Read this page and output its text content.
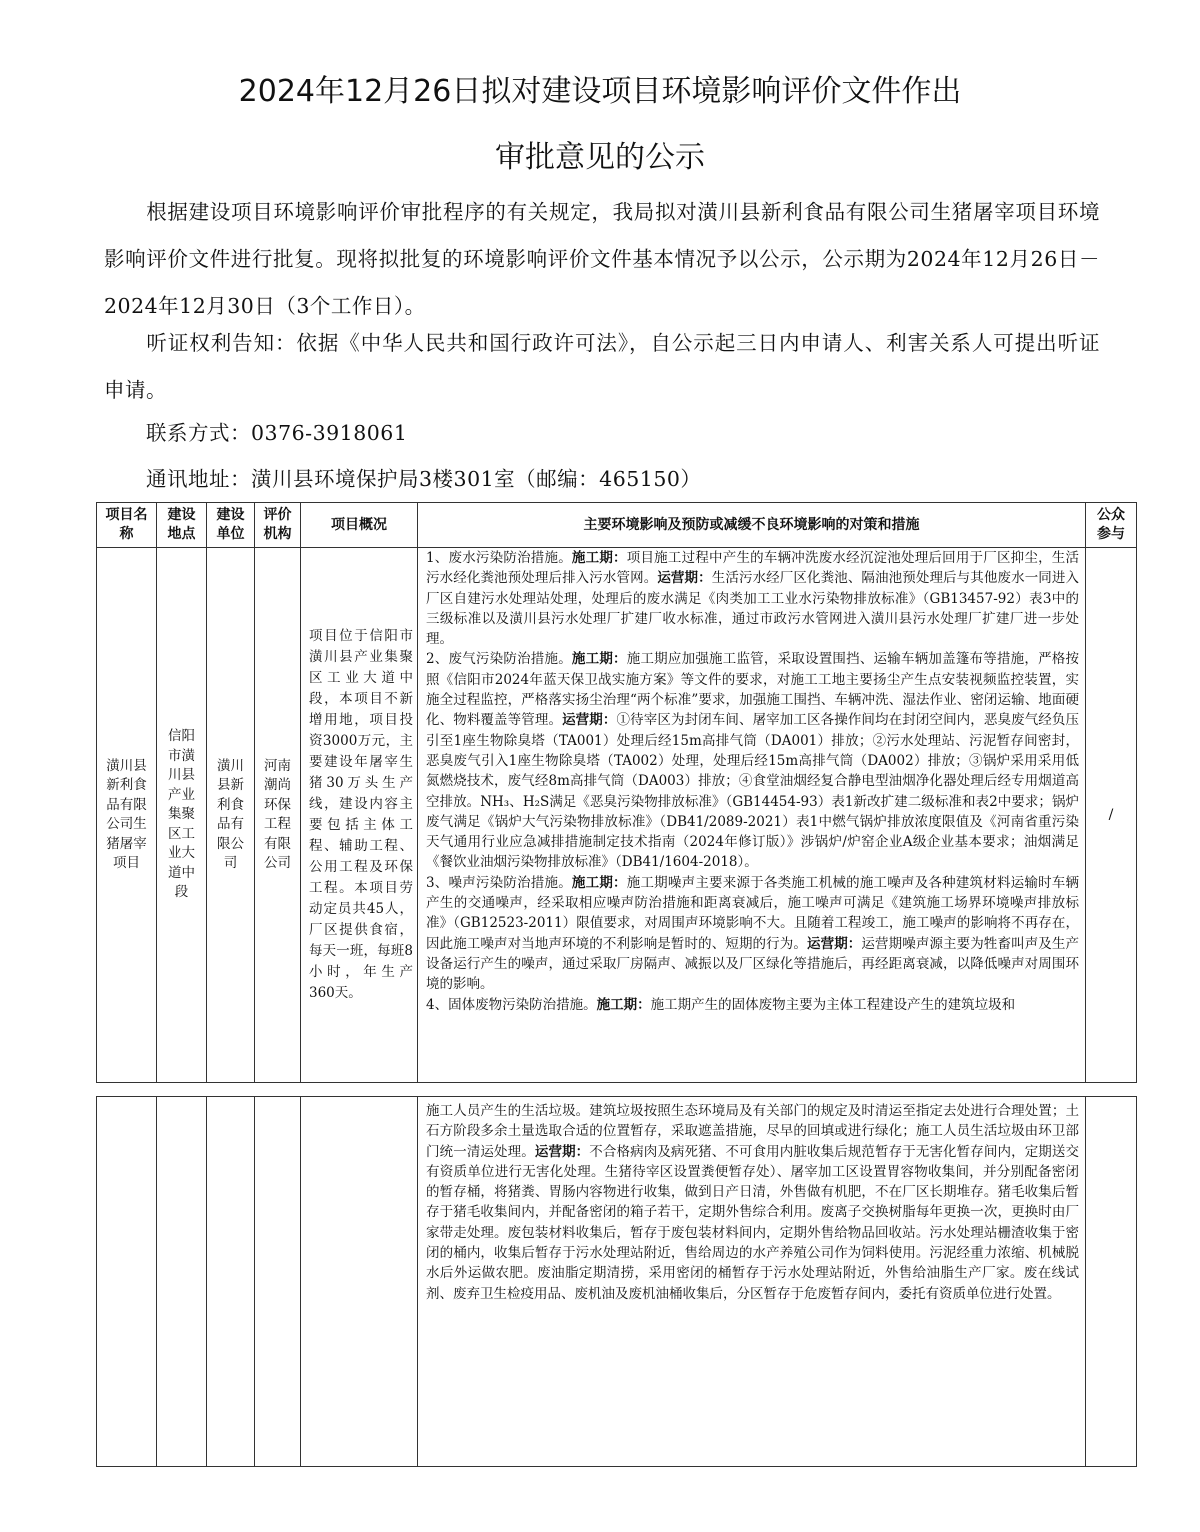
2024年12月26日拟对建设项目环境影响评价文件作出
审批意见的公示
根据建设项目环境影响评价审批程序的有关规定，我局拟对潢川县新利食品有限公司生猪屠宰项目环境影响评价文件进行批复。现将拟批复的环境影响评价文件基本情况予以公示，公示期为2024年12月26日－2024年12月30日（3个工作日）。
听证权利告知：依据《中华人民共和国行政许可法》，自公示起三日内申请人、利害关系人可提出听证申请。
联系方式：0376-3918061
通讯地址：潢川县环境保护局3楼301室（邮编：465150）
项目名称	建设地点	建设单位	评价机构	项目概况	主要环境影响及预防或减缓不良环境影响的对策和措施	公众参与
潢川县新利食品有限公司生猪屠宰项目	信阳市潢川县产业集聚区工业大道中段	潢川县新利食品有限公司	河南潮尚环保工程有限公司	项目位于信阳市潢川县产业集聚区工业大道中段，本项目不新增用地，项目投资3000万元，主要建设年屠宰生猪30万头生产线，建设内容主要包括主体工程、辅助工程、公用工程及环保工程。本项目劳动定员共45人，厂区提供食宿，每天一班，每班8小时，年生产360天。	1、废水污染防治措施。施工期：项目施工过程中产生的车辆冲洗废水经沉淀池处理后回用于厂区抑尘，生活污水经化粪池预处理后排入污水管网。运营期：生活污水经厂区化粪池、隔油池预处理后与其他废水一同进入厂区自建污水处理站处理，处理后的废水满足《肉类加工工业水污染物排放标准》（GB13457-92）表3中的三级标准以及潢川县污水处理厂扩建厂收水标准，通过市政污水管网进入潢川县污水处理厂扩建厂进一步处理。

2、废气污染防治措施。施工期：施工期应加强施工监管，采取设置围挡、运输车辆加盖篷布等措施，严格按照《信阳市2024年蓝天保卫战实施方案》等文件的要求，对施工工地主要扬尘产生点安装视频监控装置，实施全过程监控，严格落实扬尘治理“两个标准”要求，加强施工围挡、车辆冲洗、湿法作业、密闭运输、地面硬化、物料覆盖等管理。运营期：①待宰区为封闭车间、屠宰加工区各操作间均在封闭空间内，恶臭废气经负压引至1座生物除臭塔（TA001）处理后经15m高排气筒（DA001）排放；②污水处理站、污泥暂存间密封，恶臭废气引入1座生物除臭塔（TA002）处理，处理后经15m高排气筒（DA002）排放；③锅炉采用采用低氮燃烧技术，废气经8m高排气筒（DA003）排放；④食堂油烟经复合静电型油烟净化器处理后经专用烟道高空排放。NH₃、H₂S满足《恶臭污染物排放标准》（GB14454-93）表1新改扩建二级标准和表2中要求；锅炉废气满足《锅炉大气污染物排放标准》（DB41/2089-2021）表1中燃气锅炉排放浓度限值及《河南省重污染天气通用行业应急减排措施制定技术指南（2024年修订版）》涉锅炉/炉窑企业A级企业基本要求；油烟满足《餐饮业油烟污染物排放标准》（DB41/1604-2018）。

3、噪声污染防治措施。施工期：施工期噪声主要来源于各类施工机械的施工噪声及各种建筑材料运输时车辆产生的交通噪声，经采取相应噪声防治措施和距离衰减后，施工噪声可满足《建筑施工场界环境噪声排放标准》（GB12523-2011）限值要求，对周围声环境影响不大。且随着工程竣工，施工噪声的影响将不再存在，因此施工噪声对当地声环境的不利影响是暂时的、短期的行为。运营期：运营期噪声源主要为牲畜叫声及生产设备运行产生的噪声，通过采取厂房隔声、减振以及厂区绿化等措施后，再经距离衰减，以降低噪声对周围环境的影响。

4、固体废物污染防治措施。施工期：施工期产生的固体废物主要为主体工程建设产生的建筑垃圾和	/

施工人员产生的生活垃圾。建筑垃圾按照生态环境局及有关部门的规定及时清运至指定去处进行合理处置；土石方阶段多余土量选取合适的位置暂存，采取遮盖措施，尽早的回填或进行绿化；施工人员生活垃圾由环卫部门统一清运处理。运营期：不合格病肉及病死猪、不可食用内脏收集后规范暂存于无害化暂存间内，定期送交有资质单位进行无害化处理。生猪待宰区设置粪便暂存处）、屠宰加工区设置胃容物收集间，并分别配备密闭的暂存桶，将猪粪、胃肠内容物进行收集，做到日产日清，外售做有机肥，不在厂区长期堆存。猪毛收集后暂存于猪毛收集间内，并配备密闭的箱子若干，定期外售综合利用。废离子交换树脂每年更换一次，更换时由厂家带走处理。废包装材料收集后，暂存于废包装材料间内，定期外售给物品回收站。污水处理站栅渣收集于密闭的桶内，收集后暂存于污水处理站附近，售给周边的水产养殖公司作为饲料使用。污泥经重力浓缩、机械脱水后外运做农肥。废油脂定期清捞，采用密闭的桶暂存于污水处理站附近，外售给油脂生产厂家。废在线试剂、废弃卫生检疫用品、废机油及废机油桶收集后，分区暂存于危废暂存间内，委托有资质单位进行处置。
